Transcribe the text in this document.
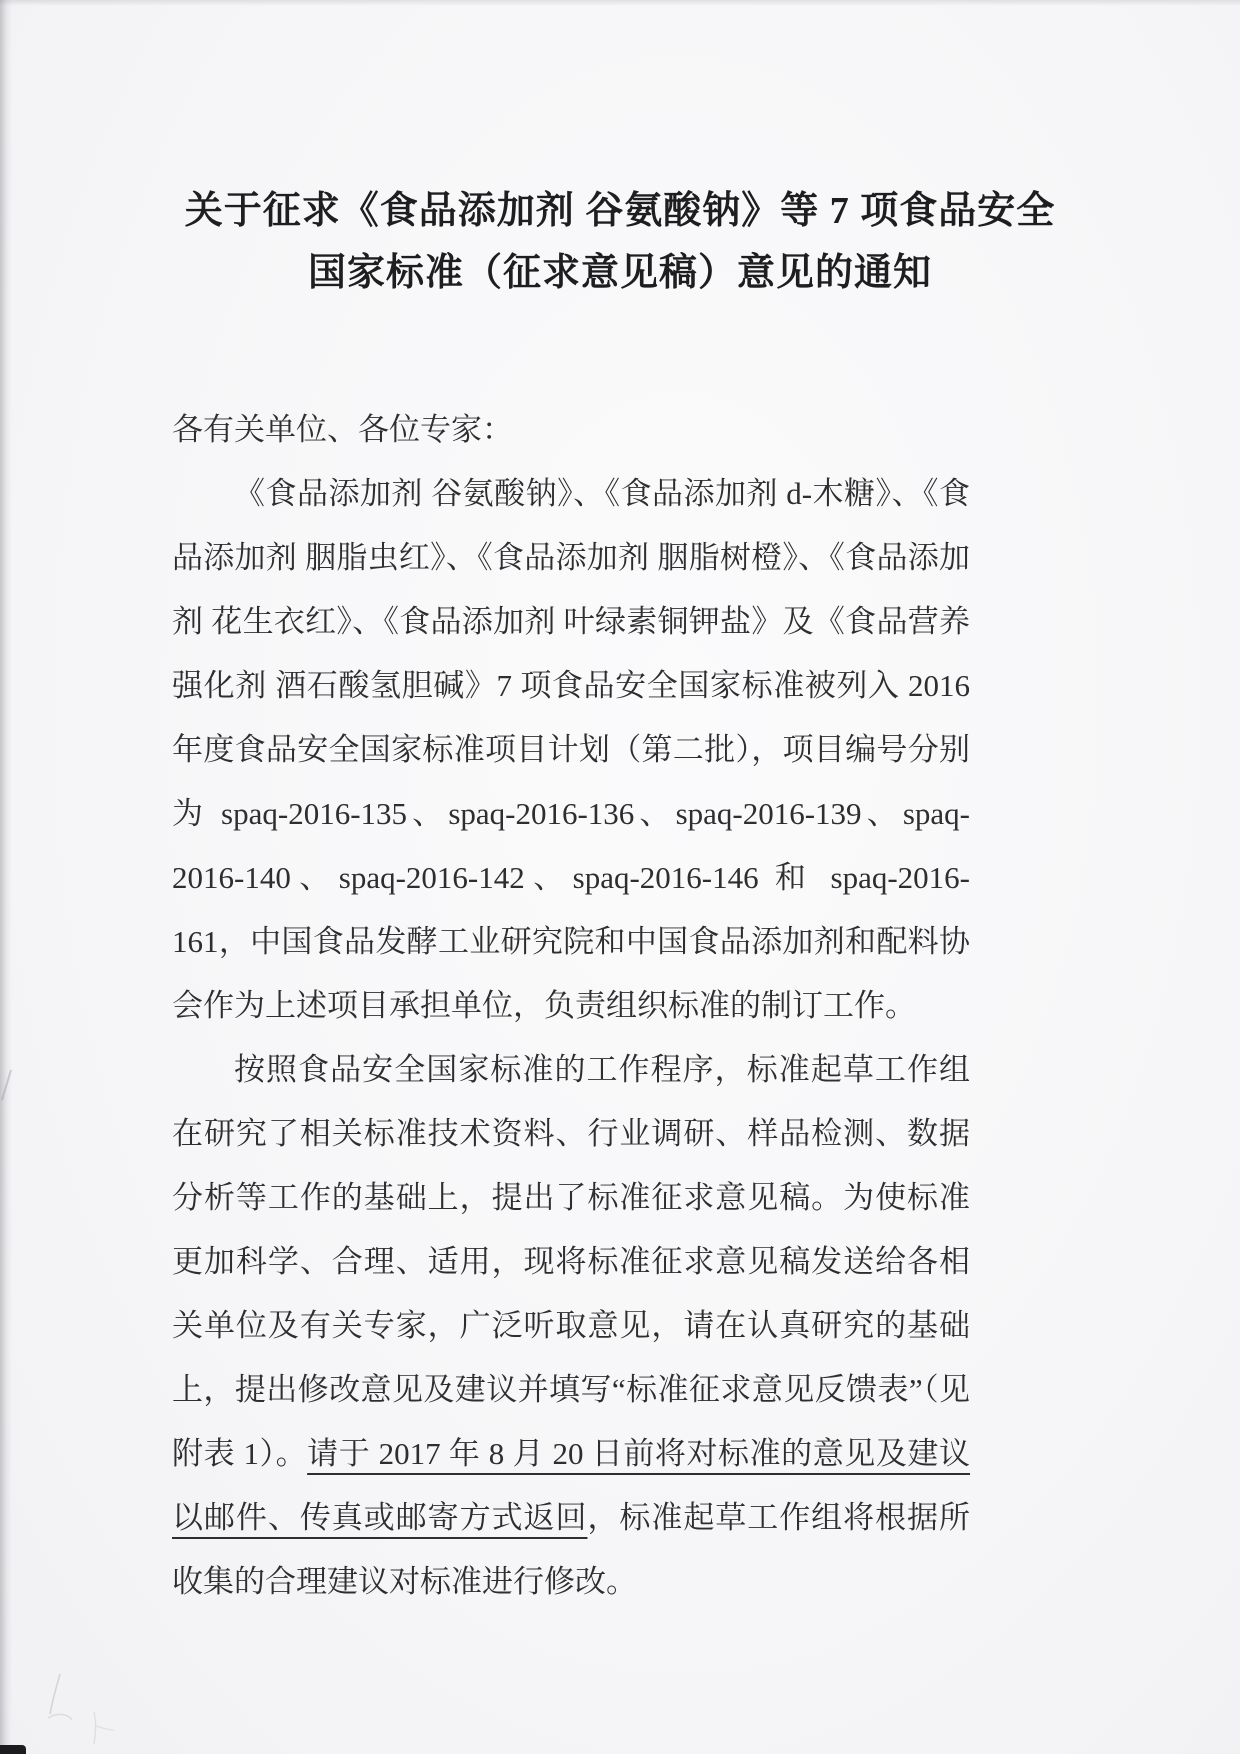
关于征求《食品添加剂 谷氨酸钠》等 7 项食品安全
国家标准（征求意见稿）意见的通知

各有关单位、各位专家：

《食品添加剂 谷氨酸钠》、《食品添加剂 d-木糖》、《食品添加剂 胭脂虫红》、《食品添加剂 胭脂树橙》、《食品添加剂 花生衣红》、《食品添加剂 叶绿素铜钾盐》及《食品营养强化剂 酒石酸氢胆碱》7 项食品安全国家标准被列入 2016 年度食品安全国家标准项目计划（第二批），项目编号分别为 spaq-2016-135、spaq-2016-136、spaq-2016-139、spaq-2016-140、spaq-2016-142、spaq-2016-146 和 spaq-2016-161，中国食品发酵工业研究院和中国食品添加剂和配料协会作为上述项目承担单位，负责组织标准的制订工作。

按照食品安全国家标准的工作程序，标准起草工作组在研究了相关标准技术资料、行业调研、样品检测、数据分析等工作的基础上，提出了标准征求意见稿。为使标准更加科学、合理、适用，现将标准征求意见稿发送给各相关单位及有关专家，广泛听取意见，请在认真研究的基础上，提出修改意见及建议并填写“标准征求意见反馈表”（见附表 1）。请于 2017 年 8 月 20 日前将对标准的意见及建议以邮件、传真或邮寄方式返回，标准起草工作组将根据所收集的合理建议对标准进行修改。
